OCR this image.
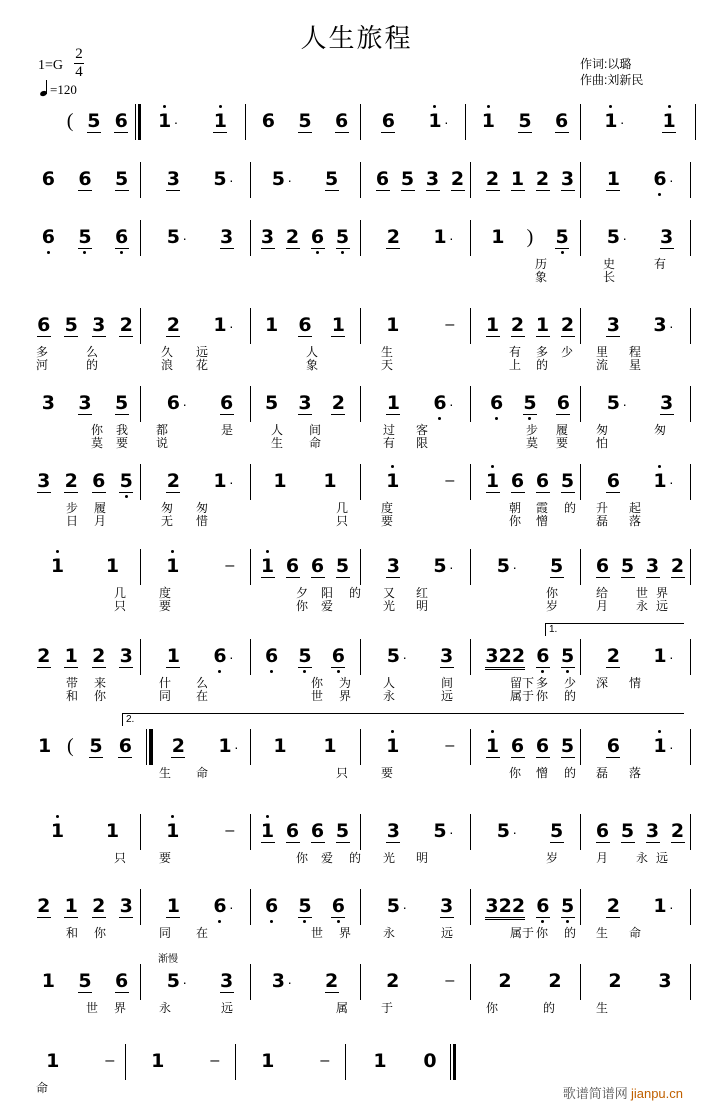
人生旅程
1=G
2
4
=120
作词:以璐
作曲:刘新民
( 5 6 1 · 1 6 5 6 6 1 · 1 5 6 1 · 1
6 6 5 3 5 · 5 · 5 6 5 3 2 2 1 2 3 1 6 ·
6 5 6 5 · 3 3 2 6 5 2 1 · 1 ) 5 5 · 3
历
象
史
长
有
6 5 3 2 2 1 · 1 6 1 1	– 1 2 1 2 3 3 ·
多
河
么
的
久
浪
远
花
人
象
生
天
有
上
多
的
少 里
流
程
星
3 3 5 6 · 6 5 3 2 1 6 · 6 5 6 5 · 3
你
莫
我
要
都
说
是	人
生
间
命
过
有
客
限
步
莫
履
要
匆
怕
匆
3 2 6 5 2 1 · 1 1	1	– 1 6 6 5 6 1 ·
步
日
履
月
匆
无
匆
惜
几
只
度
要
朝
你
霞
憎
的 升
磊
起
落
1 1 1	– 1 6 6 5 3 5 · 5 · 5 6 5 3 2
几
只
度
要
夕
你
阳
爱
的 又
光
红
明
你
岁
给
月
世
永
界
远
2 1 2 3 1 6 · 6 5 6 5 · 3 322 6 5 2 1 ·
1.
带
和
来
你
什
同
么
在
你
世
为
界
人
永
间
远
留下
属于
多
你
少
的
深 情
1 ( 5 6 2 1 · 1 1	1	– 1 6 6 5 6 1 ·
2.
生 命	只	要	你 憎 的 磊 落
1 1 1	– 1 6 6 5 3 5 · 5 · 5 6 5 3 2
只	要	你 爱 的 光 明	岁	月 永 远
2 1 2 3 1 6 · 6 5 6 5 · 3 322 6 5 2 1 ·
和 你	同 在	世 界	永	远	属于 你 的 生 命
1 5 6 5 · 3 3 · 2	2	– 2 2 2 3
渐慢
世 界	永	远	属	于	你	的	生
1	– 1	– 1	– 1 0
命	歌谱简谱网 jianpu.cn
